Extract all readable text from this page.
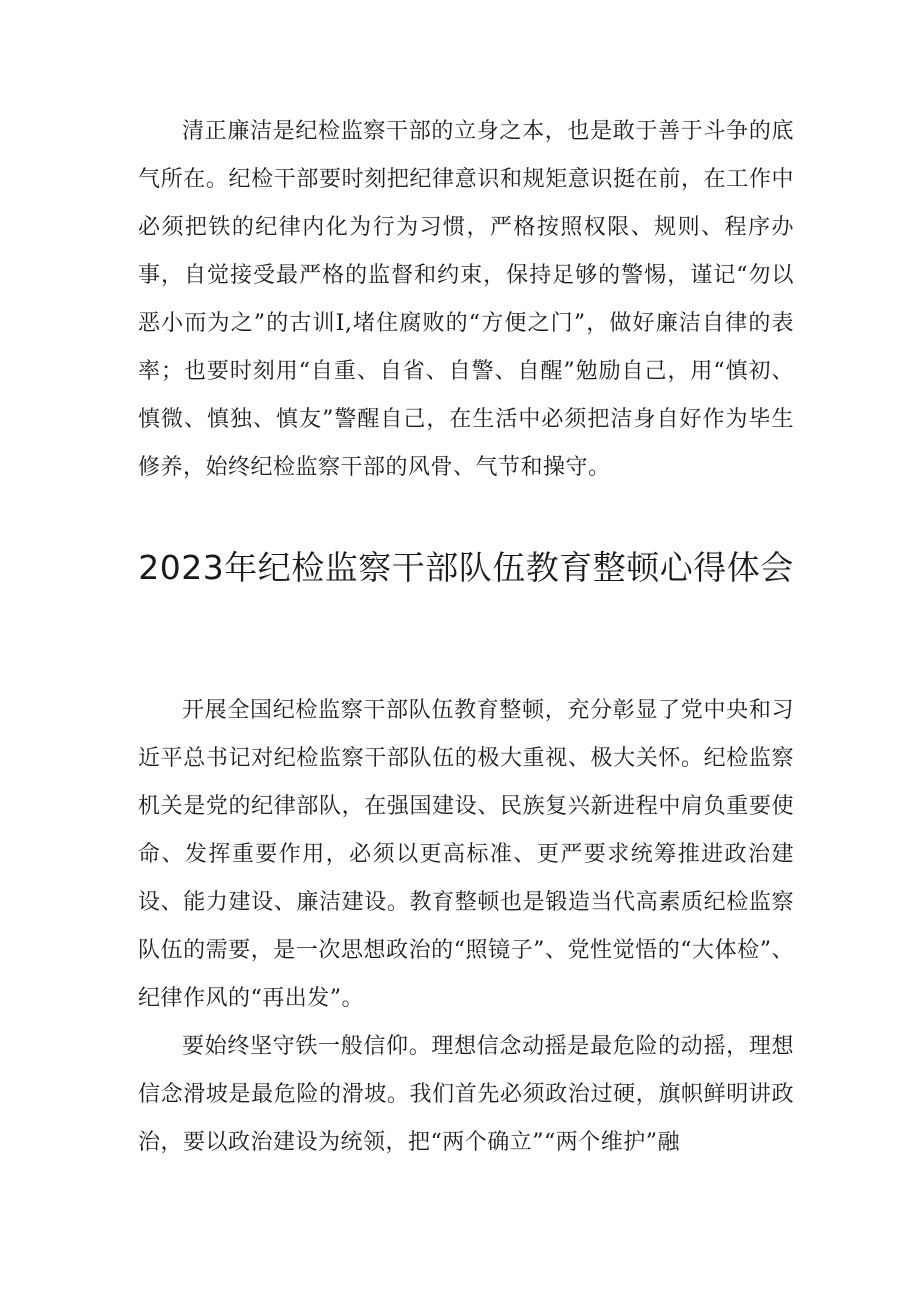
清正廉洁是纪检监察干部的立身之本，也是敢于善于斗争的底气所在。纪检干部要时刻把纪律意识和规矩意识挺在前，在工作中必须把铁的纪律内化为行为习惯，严格按照权限、规则、程序办事，自觉接受最严格的监督和约束，保持足够的警惕，谨记“勿以恶小而为之”的古训I,堵住腐败的“方便之门”，做好廉洁自律的表率；也要时刻用“自重、自省、自警、自醒”勉励自己，用“慎初、慎微、慎独、慎友”警醒自己，在生活中必须把洁身自好作为毕生修养，始终纪检监察干部的风骨、气节和操守。

2023年纪检监察干部队伍教育整顿心得体会

开展全国纪检监察干部队伍教育整顿，充分彰显了党中央和习近平总书记对纪检监察干部队伍的极大重视、极大关怀。纪检监察机关是党的纪律部队，在强国建设、民族复兴新进程中肩负重要使命、发挥重要作用，必须以更高标准、更严要求统筹推进政治建设、能力建设、廉洁建设。教育整顿也是锻造当代高素质纪检监察队伍的需要，是一次思想政治的“照镜子”、党性觉悟的“大体检”、纪律作风的“再出发”。

要始终坚守铁一般信仰。理想信念动摇是最危险的动摇，理想信念滑坡是最危险的滑坡。我们首先必须政治过硬，旗帜鲜明讲政治，要以政治建设为统领，把“两个确立”“两个维护”融
